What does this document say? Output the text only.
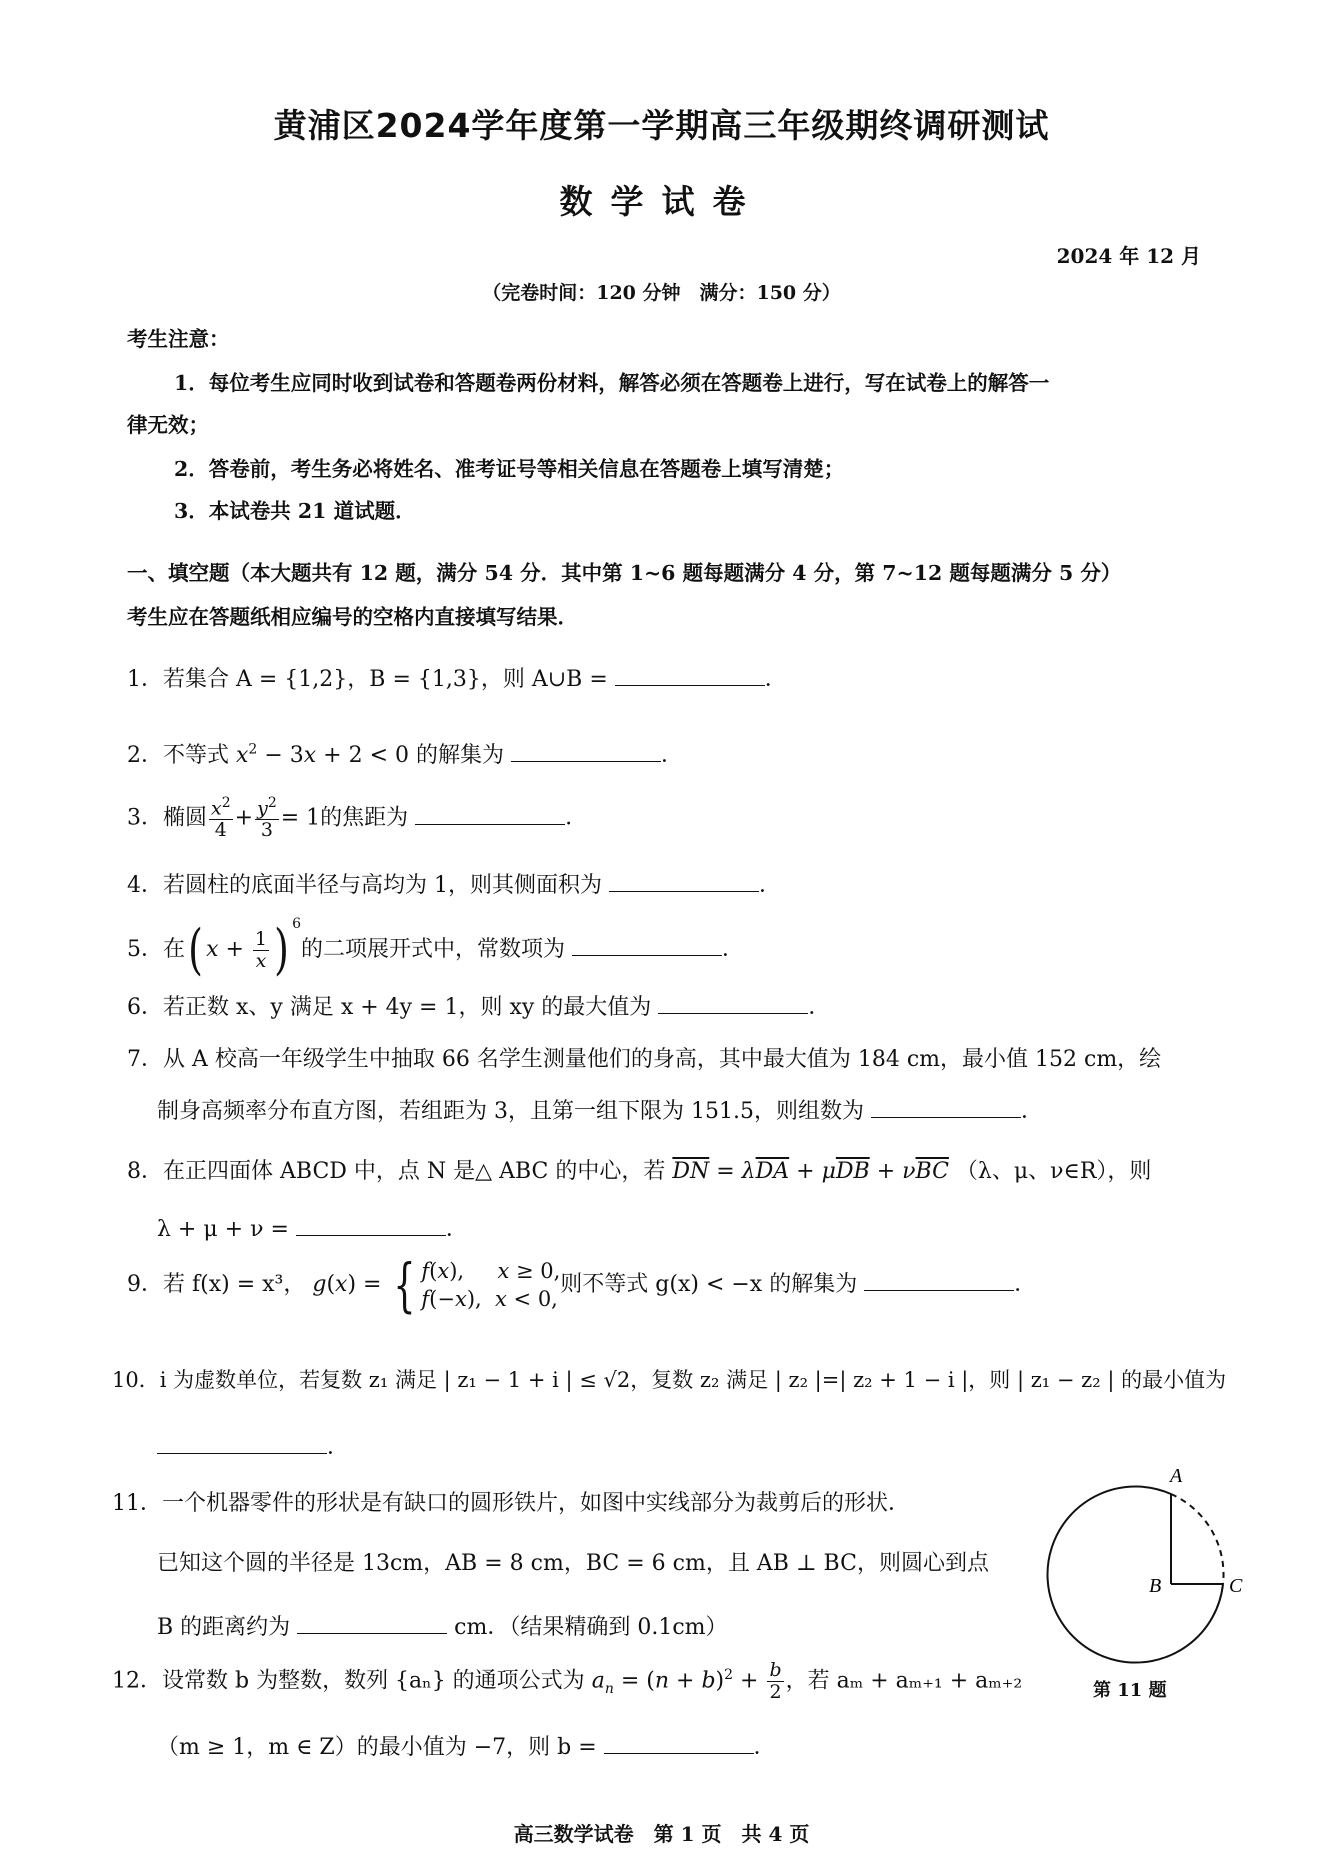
黄浦区2024学年度第一学期高三年级期终调研测试
数学试卷
2024 年 12 月
（完卷时间：120 分钟　满分：150 分）
考生注意：
1．每位考生应同时收到试卷和答题卷两份材料，解答必须在答题卷上进行，写在试卷上的解答一
律无效；
2．答卷前，考生务必将姓名、准考证号等相关信息在答题卷上填写清楚；
3．本试卷共 21 道试题．
一、填空题（本大题共有 12 题，满分 54 分．其中第 1~6 题每题满分 4 分，第 7~12 题每题满分 5 分）
考生应在答题纸相应编号的空格内直接填写结果．
1．若集合 A = {1,2}，B = {1,3}，则 A∪B =	．
2．不等式 $x^2 - 3x + 2 < 0$ 的解集为	．
3．椭圆 $\frac{x^2}{4} + \frac{y^2}{3} = 1$的焦距为	．
4．若圆柱的底面半径与高均为 1，则其侧面积为	．
5．在( $x + \frac{1}{x}$ ) $^6$的二项展开式中，常数项为	．
6．若正数 x、y 满足 x + 4y = 1，则 xy 的最大值为	．
7．从 A 校高一年级学生中抽取 66 名学生测量他们的身高，其中最大值为 184 cm，最小值 152 cm，绘
制身高频率分布直方图，若组距为 3，且第一组下限为 151.5，则组数为	．
8．在正四面体 ABCD 中，点 N 是△ ABC 的中心，若 $\overline{DN} = \lambda\overline{DA} + \mu\overline{DB} + \nu\overline{BC}$ （λ、μ、ν∈R），则
λ + μ + ν =	．
9．若 f(x) = x³， g(x) = { f(x),     x ≥ 0,
f(−x),  x < 0,则不等式 g(x) < −x 的解集为	．
10．i 为虚数单位，若复数 z₁ 满足 | z₁ − 1 + i | ≤ √2，复数 z₂ 满足 | z₂ |=| z₂ + 1 − i |，则 | z₁ − z₂ | 的最小值为
．
11．一个机器零件的形状是有缺口的圆形铁片，如图中实线部分为裁剪后的形状．
已知这个圆的半径是 13cm，AB = 8 cm，BC = 6 cm，且 AB ⊥ BC，则圆心到点
B 的距离约为	cm．（结果精确到 0.1cm）
A
B	C
第 11 题
12．设常数 b 为整数，数列 {aₙ} 的通项公式为 $a_n = (n + b)^2 + \frac{b}{2}$ ，若 aₘ + aₘ₊₁ + aₘ₊₂
（m ≥ 1，m ∈ Z）的最小值为 −7，则 b =	．
高三数学试卷　第 1 页　共 4 页
